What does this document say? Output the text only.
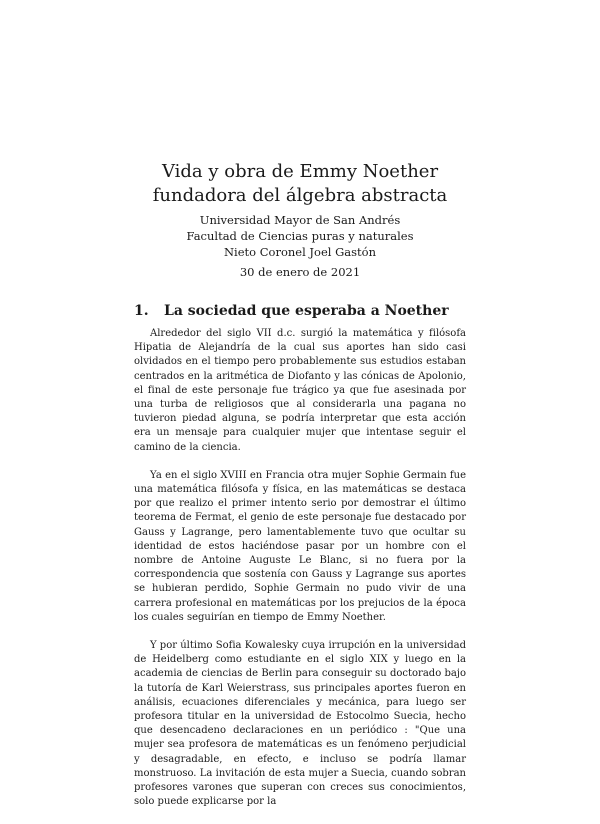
Vida y obra de Emmy Noether
fundadora del álgebra abstracta
Universidad Mayor de San Andrés
Facultad de Ciencias puras y naturales
Nieto Coronel Joel Gastón
30 de enero de 2021
1. La sociedad que esperaba a Noether

Alrededor del siglo VII d.c. surgió la matemática y filósofa Hipatia de Alejandría de la cual sus aportes han sido casi olvidados en el tiempo pero probablemente sus estudios estaban centrados en la aritmética de Diofanto y las cónicas de Apolonio, el final de este personaje fue trágico ya que fue asesinada por una turba de religiosos que al considerarla una pagana no tuvieron piedad alguna, se podría interpretar que esta acción era un mensaje para cualquier mujer que intentase seguir el camino de la ciencia.

Ya en el siglo XVIII en Francia otra mujer Sophie Germain fue una matemática filósofa y física, en las matemáticas se destaca por que realizo el primer intento serio por demostrar el último teorema de Fermat, el genio de este personaje fue destacado por Gauss y Lagrange, pero lamentablemente tuvo que ocultar su identidad de estos haciéndose pasar por un hombre con el nombre de Antoine Auguste Le Blanc, si no fuera por la correspondencia que sostenía con Gauss y Lagrange sus aportes se hubieran perdido, Sophie Germain no pudo vivir de una carrera profesional en matemáticas por los prejucios de la época los cuales seguirían en tiempo de Emmy Noether.

Y por último Sofia Kowalesky cuya irrupción en la universidad de Heidelberg como estudiante en el siglo XIX y luego en la academia de ciencias de Berlin para conseguir su doctorado bajo la tutoría de Karl Weierstrass, sus principales aportes fueron en análisis, ecuaciones diferenciales y mecánica, para luego ser profesora titular en la universidad de Estocolmo Suecia, hecho que desencadeno declaraciones en un periódico : "Que una mujer sea profesora de matemáticas es un fenómeno perjudicial y desagradable, en efecto, e incluso se podría llamar monstruoso. La invitación de esta mujer a Suecia, cuando sobran profesores varones que superan con creces sus conocimientos, solo puede explicarse por la
